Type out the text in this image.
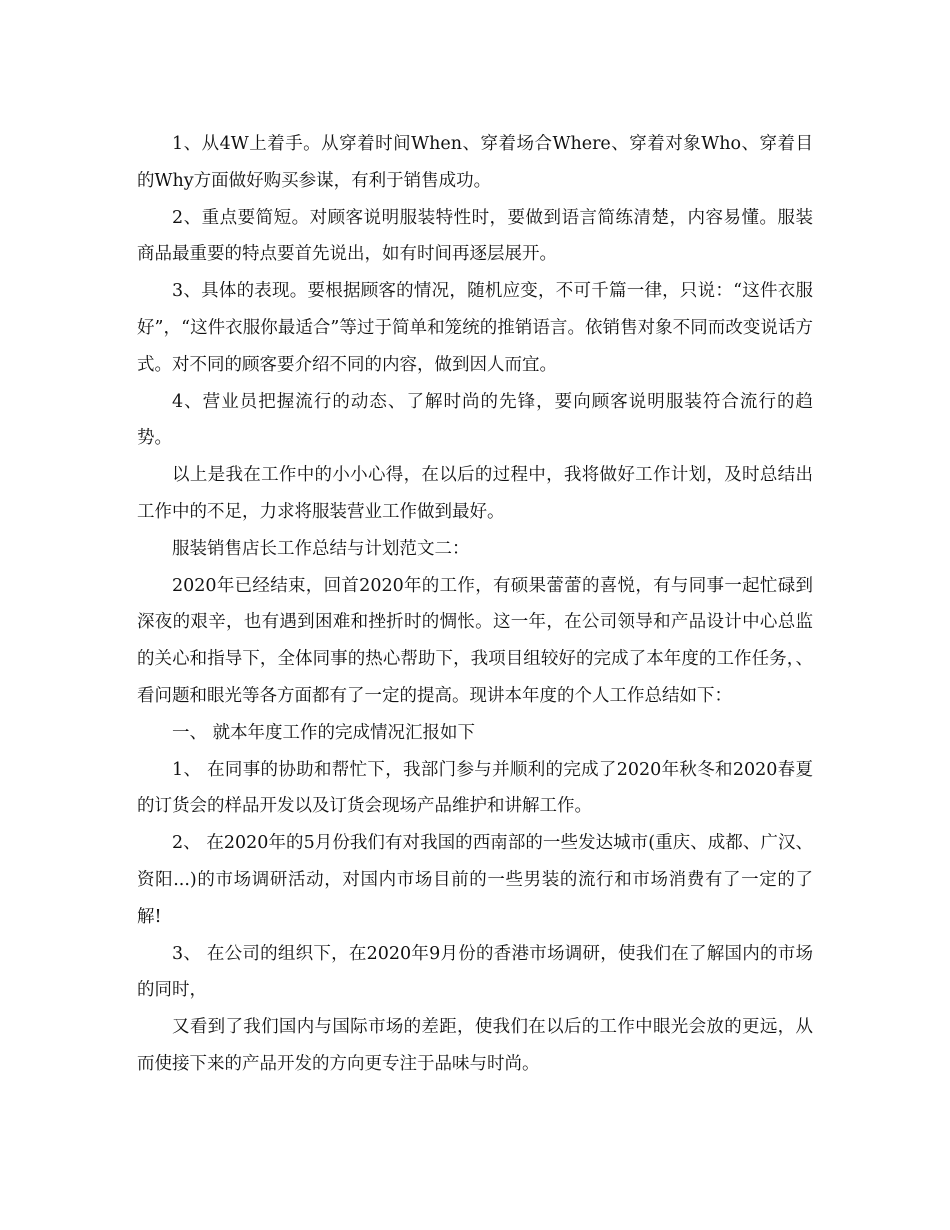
1、从4W上着手。从穿着时间When、穿着场合Where、穿着对象Who、穿着目的Why方面做好购买参谋，有利于销售成功。

2、重点要简短。对顾客说明服装特性时，要做到语言简练清楚，内容易懂。服装商品最重要的特点要首先说出，如有时间再逐层展开。

3、具体的表现。要根据顾客的情况，随机应变，不可千篇一律，只说：“这件衣服好”，“这件衣服你最适合”等过于简单和笼统的推销语言。依销售对象不同而改变说话方式。对不同的顾客要介绍不同的内容，做到因人而宜。

4、营业员把握流行的动态、了解时尚的先锋，要向顾客说明服装符合流行的趋势。

以上是我在工作中的小小心得，在以后的过程中，我将做好工作计划，及时总结出工作中的不足，力求将服装营业工作做到最好。

服装销售店长工作总结与计划范文二：

2020年已经结束，回首2020年的工作，有硕果蕾蕾的喜悦，有与同事一起忙碌到深夜的艰辛，也有遇到困难和挫折时的惆怅。这一年，在公司领导和产品设计中心总监的关心和指导下，全体同事的热心帮助下，我项目组较好的完成了本年度的工作任务，、看问题和眼光等各方面都有了一定的提高。现讲本年度的个人工作总结如下：

一、 就本年度工作的完成情况汇报如下

1、 在同事的协助和帮忙下，我部门参与并顺利的完成了2020年秋冬和2020春夏的订货会的样品开发以及订货会现场产品维护和讲解工作。

2、 在2020年的5月份我们有对我国的西南部的一些发达城市(重庆、成都、广汉、资阳...)的市场调研活动，对国内市场目前的一些男装的流行和市场消费有了一定的了解!

3、 在公司的组织下，在2020年9月份的香港市场调研，使我们在了解国内的市场的同时，

又看到了我们国内与国际市场的差距，使我们在以后的工作中眼光会放的更远，从而使接下来的产品开发的方向更专注于品味与时尚。
